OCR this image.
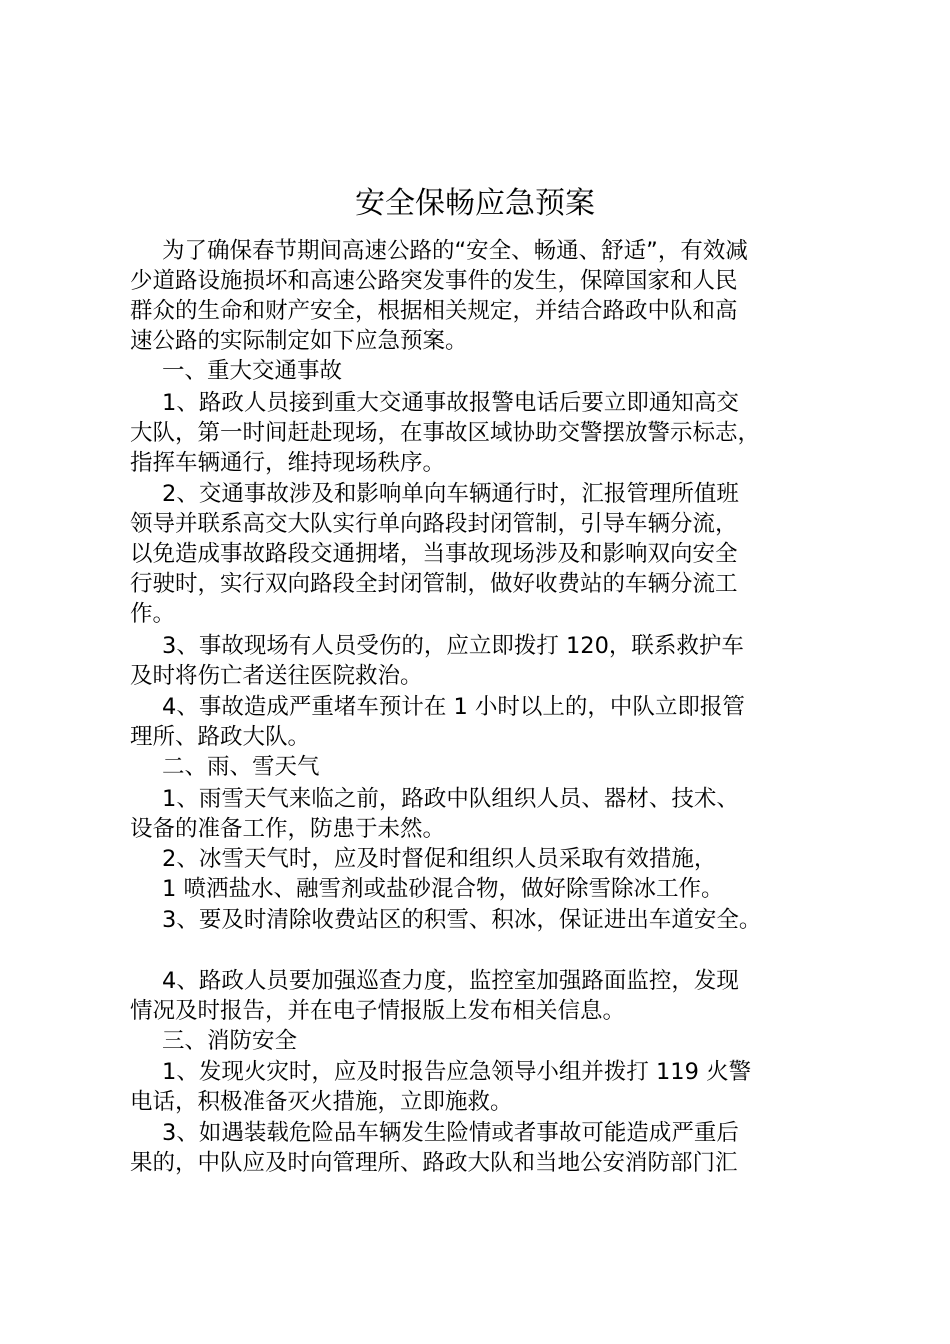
安全保畅应急预案
为了确保春节期间高速公路的“安全、畅通、舒适”，有效减
少道路设施损坏和高速公路突发事件的发生，保障国家和人民
群众的生命和财产安全，根据相关规定，并结合路政中队和高
速公路的实际制定如下应急预案。
一、重大交通事故
1、路政人员接到重大交通事故报警电话后要立即通知高交
大队，第一时间赶赴现场，在事故区域协助交警摆放警示标志，
指挥车辆通行，维持现场秩序。
2、交通事故涉及和影响单向车辆通行时，汇报管理所值班
领导并联系高交大队实行单向路段封闭管制，引导车辆分流，
以免造成事故路段交通拥堵，当事故现场涉及和影响双向安全
行驶时，实行双向路段全封闭管制，做好收费站的车辆分流工
作。
3、事故现场有人员受伤的，应立即拨打 120，联系救护车
及时将伤亡者送往医院救治。
4、事故造成严重堵车预计在 1 小时以上的，中队立即报管
理所、路政大队。
二、雨、雪天气
1、雨雪天气来临之前，路政中队组织人员、器材、技术、
设备的准备工作，防患于未然。
2、冰雪天气时，应及时督促和组织人员采取有效措施，
1 喷洒盐水、融雪剂或盐砂混合物，做好除雪除冰工作。
3、要及时清除收费站区的积雪、积冰，保证进出车道安全。
4、路政人员要加强巡查力度，监控室加强路面监控，发现
情况及时报告，并在电子情报版上发布相关信息。
三、消防安全
1、发现火灾时，应及时报告应急领导小组并拨打 119 火警
电话，积极准备灭火措施，立即施救。
3、如遇装载危险品车辆发生险情或者事故可能造成严重后
果的，中队应及时向管理所、路政大队和当地公安消防部门汇
